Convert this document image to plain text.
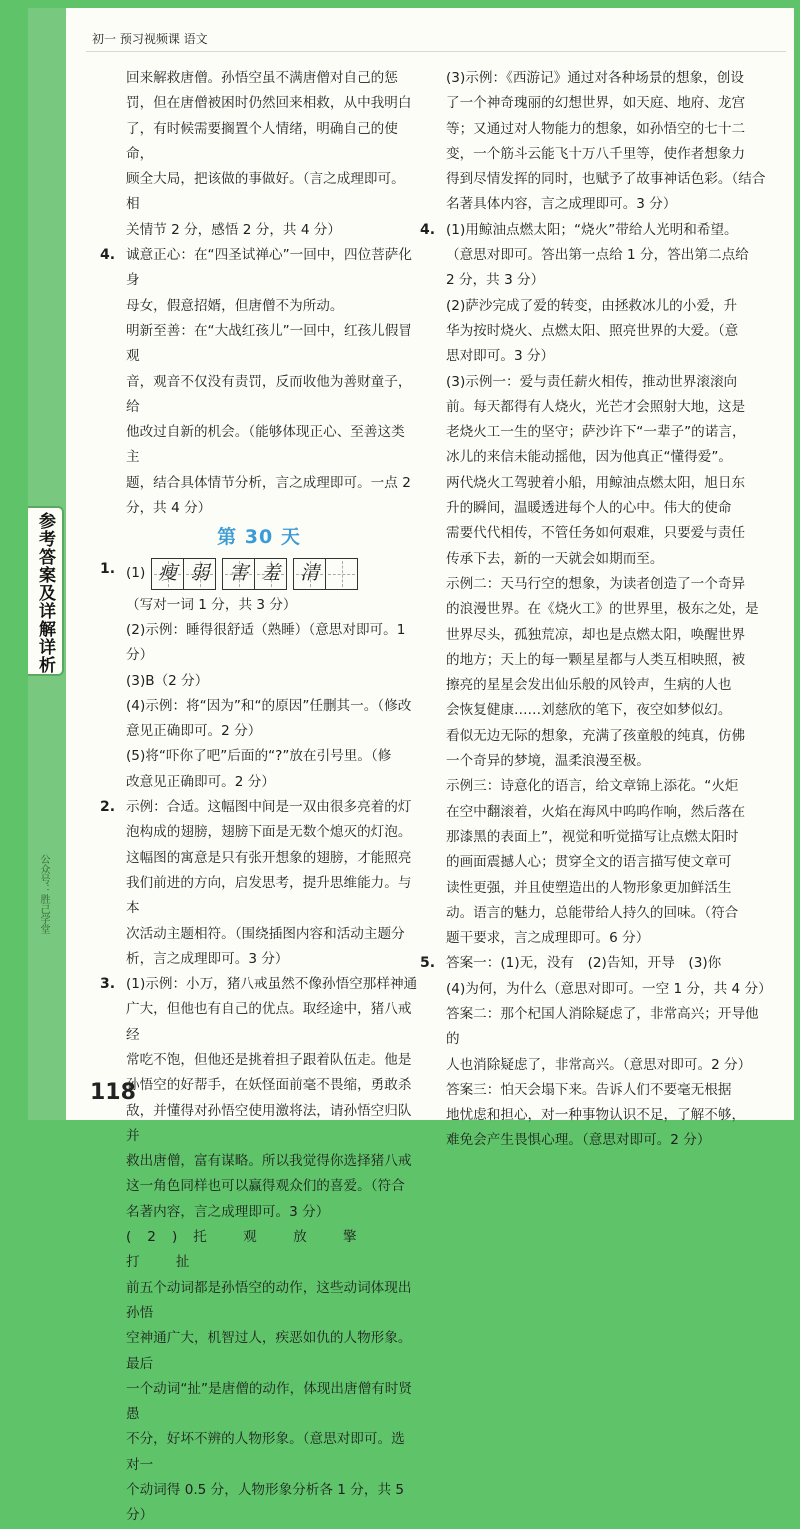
参考答案及详解详析
公众号：胜己学堂
初一 预习视频课 语文

回来解救唐僧。孙悟空虽不满唐僧对自己的惩

罚，但在唐僧被困时仍然回来相救，从中我明白

了，有时候需要搁置个人情绪，明确自己的使命，

顾全大局，把该做的事做好。（言之成理即可。相

关情节 2 分，感悟 2 分，共 4 分）

4. 诚意正心：在“四圣试禅心”一回中，四位菩萨化身

母女，假意招婿，但唐僧不为所动。

明新至善：在“大战红孩儿”一回中，红孩儿假冒观

音，观音不仅没有责罚，反而收他为善财童子，给

他改过自新的机会。（能够体现正心、至善这类主

题，结合具体情节分析，言之成理即可。一点 2

分，共 4 分）

第 30 天
1. (1) 瘦 弱 害 羞 清

（写对一词 1 分，共 3 分）

(2)示例：睡得很舒适（熟睡）（意思对即可。1 分）

(3)B（2 分）

(4)示例：将“因为”和“的原因”任删其一。（修改

意见正确即可。2 分）

(5)将“吓你了吧”后面的“?”放在引号里。（修

改意见正确即可。2 分）

2. 示例：合适。这幅图中间是一双由很多亮着的灯

泡构成的翅膀，翅膀下面是无数个熄灭的灯泡。

这幅图的寓意是只有张开想象的翅膀，才能照亮

我们前进的方向，启发思考，提升思维能力。与本

次活动主题相符。（围绕插图内容和活动主题分

析，言之成理即可。3 分）

3. (1)示例：小万，猪八戒虽然不像孙悟空那样神通

广大，但他也有自己的优点。取经途中，猪八戒经

常吃不饱，但他还是挑着担子跟着队伍走。他是

孙悟空的好帮手，在妖怪面前毫不畏缩，勇敢杀

敌，并懂得对孙悟空使用激将法，请孙悟空归队并

救出唐僧，富有谋略。所以我觉得你选择猪八戒

这一角色同样也可以赢得观众们的喜爱。（符合

名著内容，言之成理即可。3 分）

(2)托 观 放 擎 打 扯

前五个动词都是孙悟空的动作，这些动词体现出孙悟

空神通广大，机智过人，疾恶如仇的人物形象。最后

一个动词“扯”是唐僧的动作，体现出唐僧有时贤愚

不分，好坏不辨的人物形象。（意思对即可。选对一

个动词得 0.5 分，人物形象分析各 1 分，共 5 分）

(3)示例：《西游记》通过对各种场景的想象，创设

了一个神奇瑰丽的幻想世界，如天庭、地府、龙宫

等；又通过对人物能力的想象，如孙悟空的七十二

变，一个筋斗云能飞十万八千里等，使作者想象力

得到尽情发挥的同时，也赋予了故事神话色彩。（结合

名著具体内容，言之成理即可。3 分）

4. (1)用鲸油点燃太阳；“烧火”带给人光明和希望。

（意思对即可。答出第一点给 1 分，答出第二点给

2 分，共 3 分）

(2)萨沙完成了爱的转变，由拯救冰儿的小爱，升

华为按时烧火、点燃太阳、照亮世界的大爱。（意

思对即可。3 分）

(3)示例一：爱与责任薪火相传，推动世界滚滚向

前。每天都得有人烧火，光芒才会照射大地，这是

老烧火工一生的坚守；萨沙许下“一辈子”的诺言，

冰儿的来信未能动摇他，因为他真正“懂得爱”。

两代烧火工驾驶着小船，用鲸油点燃太阳，旭日东

升的瞬间，温暖透进每个人的心中。伟大的使命

需要代代相传，不管任务如何艰难，只要爱与责任

传承下去，新的一天就会如期而至。

示例二：天马行空的想象，为读者创造了一个奇异

的浪漫世界。在《烧火工》的世界里，极东之处，是

世界尽头，孤独荒凉，却也是点燃太阳，唤醒世界

的地方；天上的每一颗星星都与人类互相映照，被

擦亮的星星会发出仙乐般的风铃声，生病的人也

会恢复健康……刘慈欣的笔下，夜空如梦似幻。

看似无边无际的想象，充满了孩童般的纯真，仿佛

一个奇异的梦境，温柔浪漫至极。

示例三：诗意化的语言，给文章锦上添花。“火炬

在空中翻滚着，火焰在海风中呜呜作响，然后落在

那漆黑的表面上”，视觉和听觉描写让点燃太阳时

的画面震撼人心；贯穿全文的语言描写使文章可

读性更强，并且使塑造出的人物形象更加鲜活生

动。语言的魅力，总能带给人持久的回味。（符合

题干要求，言之成理即可。6 分）

5. 答案一：(1)无，没有　(2)告知，开导　(3)你

(4)为何，为什么（意思对即可。一空 1 分，共 4 分）

答案二：那个杞国人消除疑虑了，非常高兴；开导他的

人也消除疑虑了，非常高兴。（意思对即可。2 分）

答案三：怕天会塌下来。告诉人们不要毫无根据

地忧虑和担心，对一种事物认识不足，了解不够，

难免会产生畏惧心理。（意思对即可。2 分）

118
